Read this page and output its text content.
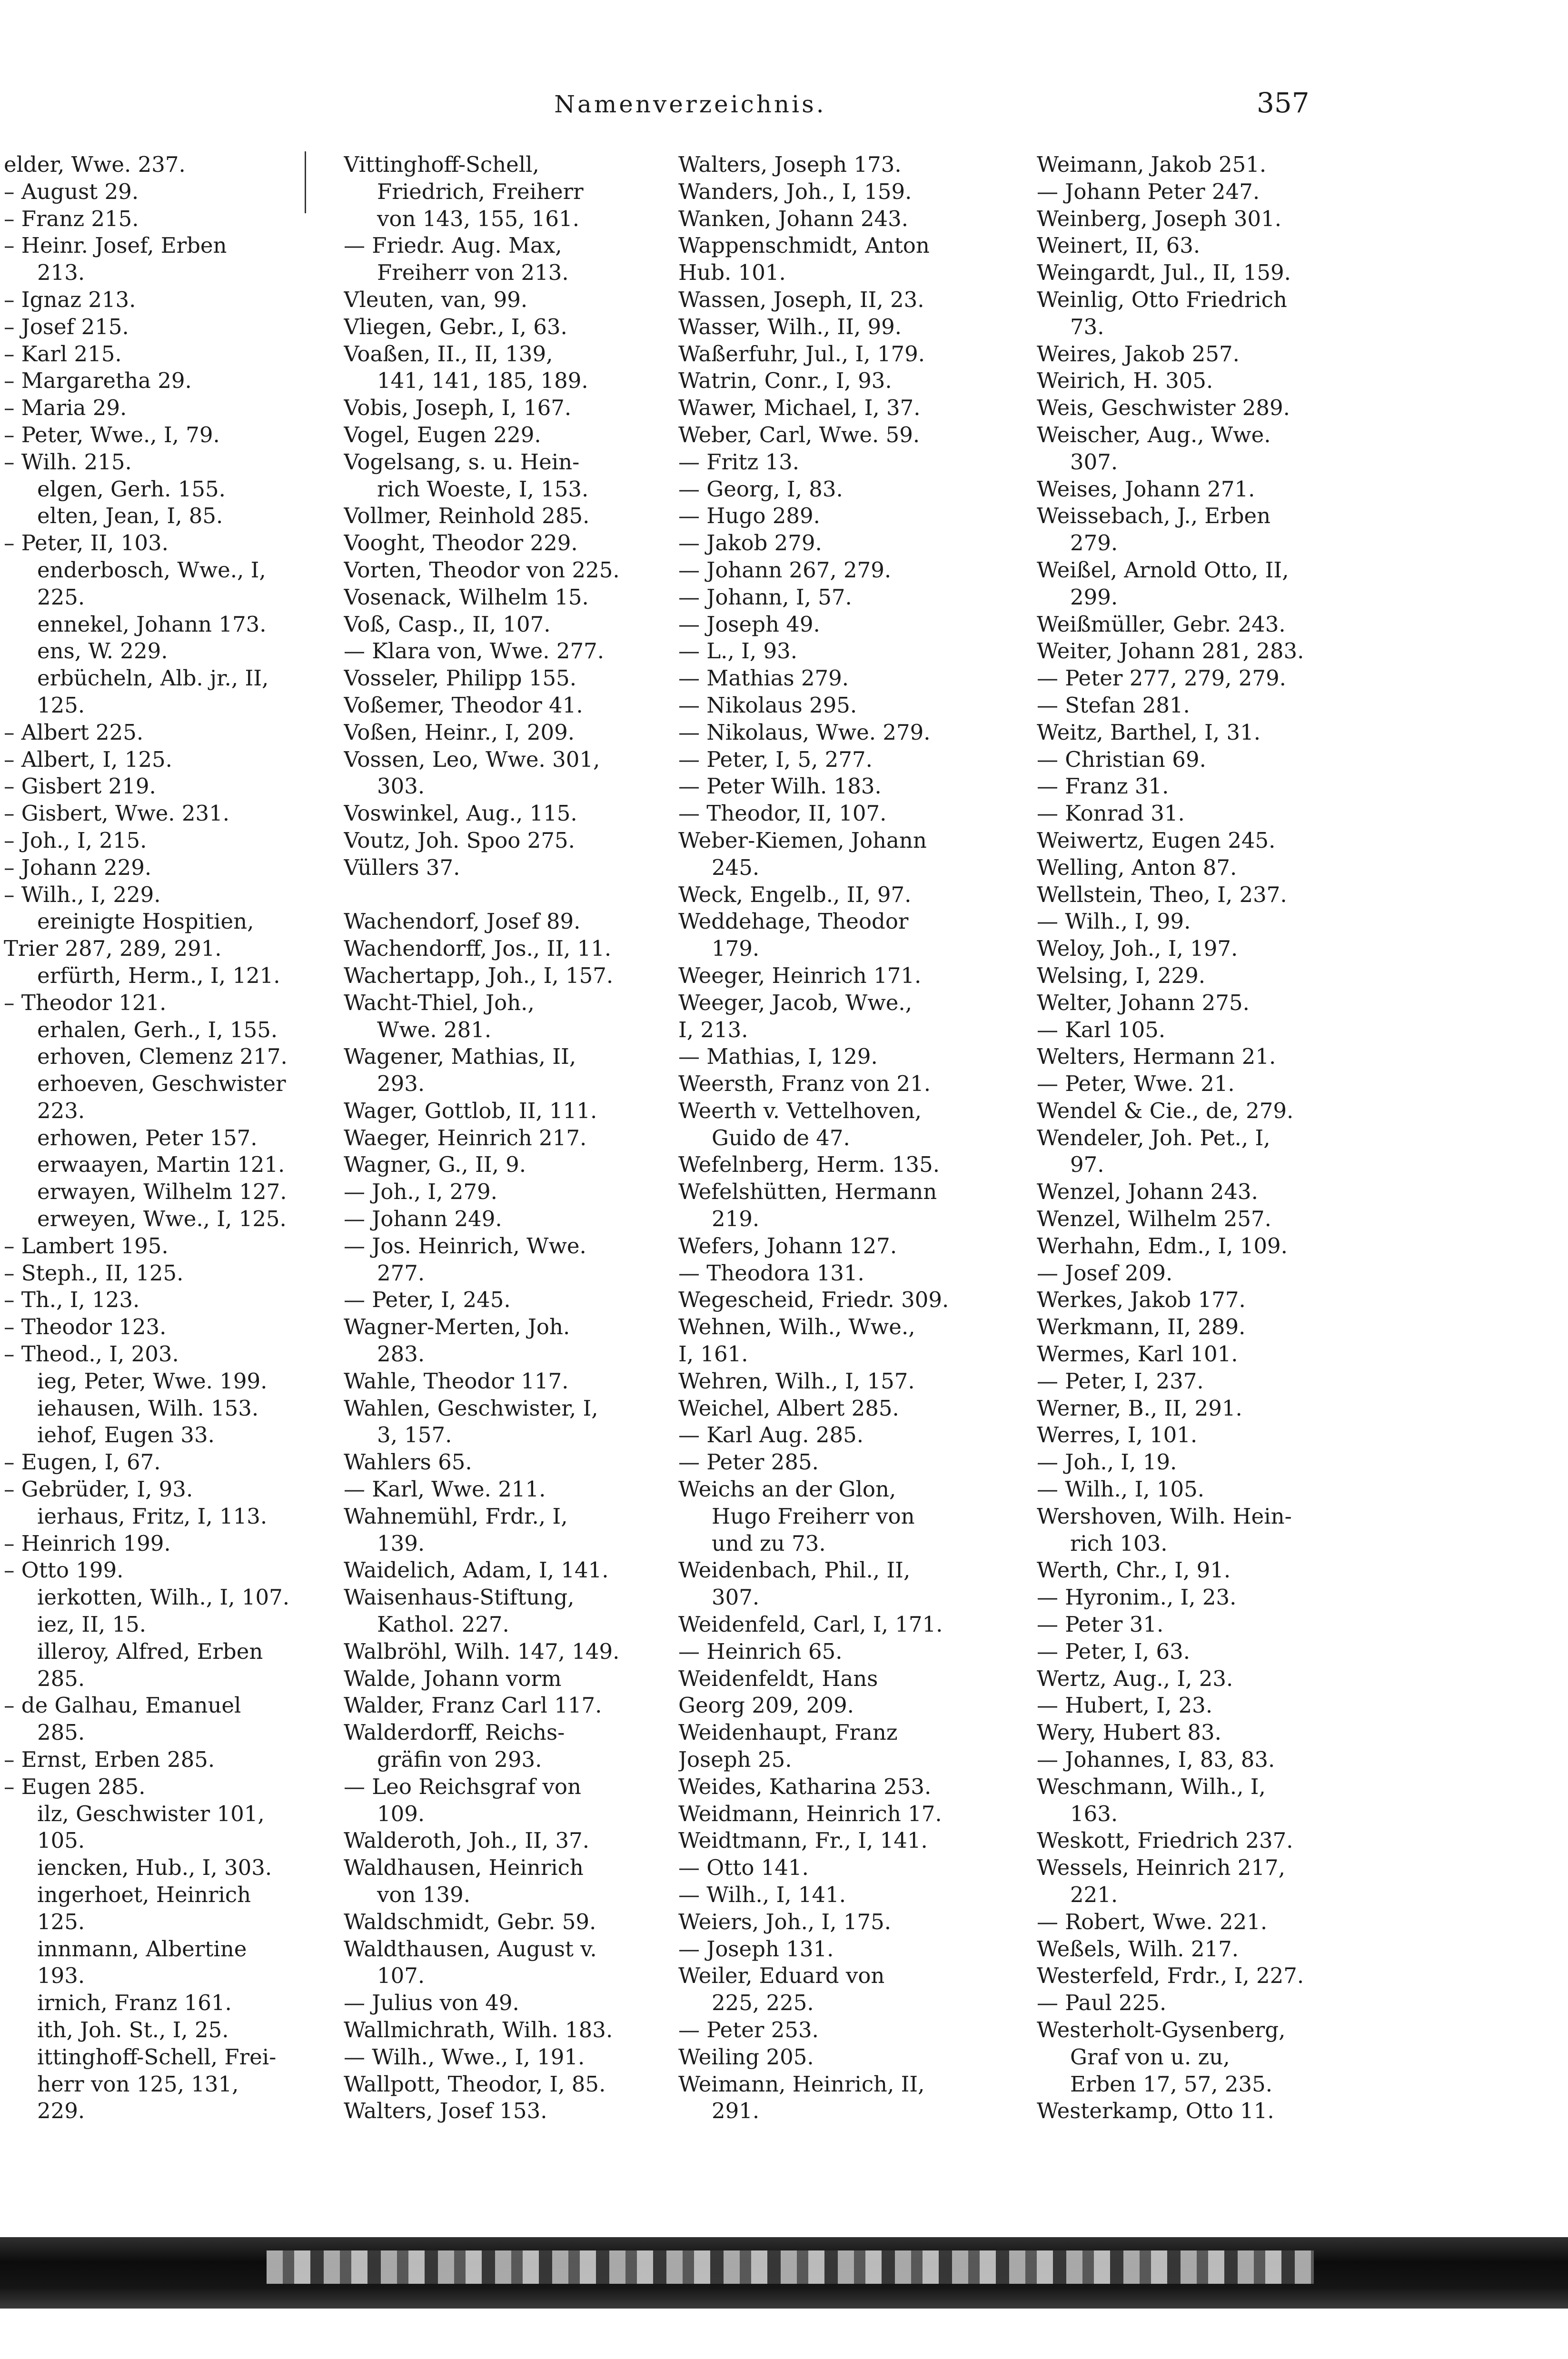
Namenverzeichnis.	357
elder, Wwe. 237.
– August 29.
– Franz 215.
– Heinr. Josef, Erben
213.
– Ignaz 213.
– Josef 215.
– Karl 215.
– Margaretha 29.
– Maria 29.
– Peter, Wwe., I, 79.
– Wilh. 215.
elgen, Gerh. 155.
elten, Jean, I, 85.
– Peter, II, 103.
enderbosch, Wwe., I,
225.
ennekel, Johann 173.
ens, W. 229.
erbücheln, Alb. jr., II,
125.
– Albert 225.
– Albert, I, 125.
– Gisbert 219.
– Gisbert, Wwe. 231.
– Joh., I, 215.
– Johann 229.
– Wilh., I, 229.
ereinigte Hospitien,
Trier 287, 289, 291.
erfürth, Herm., I, 121.
– Theodor 121.
erhalen, Gerh., I, 155.
erhoven, Clemenz 217.
erhoeven, Geschwister
223.
erhowen, Peter 157.
erwaayen, Martin 121.
erwayen, Wilhelm 127.
erweyen, Wwe., I, 125.
– Lambert 195.
– Steph., II, 125.
– Th., I, 123.
– Theodor 123.
– Theod., I, 203.
ieg, Peter, Wwe. 199.
iehausen, Wilh. 153.
iehof, Eugen 33.
– Eugen, I, 67.
– Gebrüder, I, 93.
ierhaus, Fritz, I, 113.
– Heinrich 199.
– Otto 199.
ierkotten, Wilh., I, 107.
iez, II, 15.
illeroy, Alfred, Erben
285.
– de Galhau, Emanuel
285.
– Ernst, Erben 285.
– Eugen 285.
ilz, Geschwister 101,
105.
iencken, Hub., I, 303.
ingerhoet, Heinrich
125.
innmann, Albertine
193.
irnich, Franz 161.
ith, Joh. St., I, 25.
ittinghoff-Schell, Frei-
herr von 125, 131,
229.
Vittinghoff-Schell,
Friedrich, Freiherr
von 143, 155, 161.
— Friedr. Aug. Max,
Freiherr von 213.
Vleuten, van, 99.
Vliegen, Gebr., I, 63.
Voaßen, II., II, 139,
141, 141, 185, 189.
Vobis, Joseph, I, 167.
Vogel, Eugen 229.
Vogelsang, s. u. Hein-
rich Woeste, I, 153.
Vollmer, Reinhold 285.
Vooght, Theodor 229.
Vorten, Theodor von 225.
Vosenack, Wilhelm 15.
Voß, Casp., II, 107.
— Klara von, Wwe. 277.
Vosseler, Philipp 155.
Voßemer, Theodor 41.
Voßen, Heinr., I, 209.
Vossen, Leo, Wwe. 301,
303.
Voswinkel, Aug., 115.
Voutz, Joh. Spoo 275.
Vüllers 37.
Wachendorf, Josef 89.
Wachendorff, Jos., II, 11.
Wachertapp, Joh., I, 157.
Wacht-Thiel, Joh.,
Wwe. 281.
Wagener, Mathias, II,
293.
Wager, Gottlob, II, 111.
Waeger, Heinrich 217.
Wagner, G., II, 9.
— Joh., I, 279.
— Johann 249.
— Jos. Heinrich, Wwe.
277.
— Peter, I, 245.
Wagner-Merten, Joh.
283.
Wahle, Theodor 117.
Wahlen, Geschwister, I,
3, 157.
Wahlers 65.
— Karl, Wwe. 211.
Wahnemühl, Frdr., I,
139.
Waidelich, Adam, I, 141.
Waisenhaus-Stiftung,
Kathol. 227.
Walbröhl, Wilh. 147, 149.
Walde, Johann vorm
Walder, Franz Carl 117.
Walderdorff, Reichs-
gräfin von 293.
— Leo Reichsgraf von
109.
Walderoth, Joh., II, 37.
Waldhausen, Heinrich
von 139.
Waldschmidt, Gebr. 59.
Waldthausen, August v.
107.
— Julius von 49.
Wallmichrath, Wilh. 183.
— Wilh., Wwe., I, 191.
Wallpott, Theodor, I, 85.
Walters, Josef 153.
Walters, Joseph 173.
Wanders, Joh., I, 159.
Wanken, Johann 243.
Wappenschmidt, Anton
Hub. 101.
Wassen, Joseph, II, 23.
Wasser, Wilh., II, 99.
Waßerfuhr, Jul., I, 179.
Watrin, Conr., I, 93.
Wawer, Michael, I, 37.
Weber, Carl, Wwe. 59.
— Fritz 13.
— Georg, I, 83.
— Hugo 289.
— Jakob 279.
— Johann 267, 279.
— Johann, I, 57.
— Joseph 49.
— L., I, 93.
— Mathias 279.
— Nikolaus 295.
— Nikolaus, Wwe. 279.
— Peter, I, 5, 277.
— Peter Wilh. 183.
— Theodor, II, 107.
Weber-Kiemen, Johann
245.
Weck, Engelb., II, 97.
Weddehage, Theodor
179.
Weeger, Heinrich 171.
Weeger, Jacob, Wwe.,
I, 213.
— Mathias, I, 129.
Weersth, Franz von 21.
Weerth v. Vettelhoven,
Guido de 47.
Wefelnberg, Herm. 135.
Wefelshütten, Hermann
219.
Wefers, Johann 127.
— Theodora 131.
Wegescheid, Friedr. 309.
Wehnen, Wilh., Wwe.,
I, 161.
Wehren, Wilh., I, 157.
Weichel, Albert 285.
— Karl Aug. 285.
— Peter 285.
Weichs an der Glon,
Hugo Freiherr von
und zu 73.
Weidenbach, Phil., II,
307.
Weidenfeld, Carl, I, 171.
— Heinrich 65.
Weidenfeldt, Hans
Georg 209, 209.
Weidenhaupt, Franz
Joseph 25.
Weides, Katharina 253.
Weidmann, Heinrich 17.
Weidtmann, Fr., I, 141.
— Otto 141.
— Wilh., I, 141.
Weiers, Joh., I, 175.
— Joseph 131.
Weiler, Eduard von
225, 225.
— Peter 253.
Weiling 205.
Weimann, Heinrich, II,
291.
Weimann, Jakob 251.
— Johann Peter 247.
Weinberg, Joseph 301.
Weinert, II, 63.
Weingardt, Jul., II, 159.
Weinlig, Otto Friedrich
73.
Weires, Jakob 257.
Weirich, H. 305.
Weis, Geschwister 289.
Weischer, Aug., Wwe.
307.
Weises, Johann 271.
Weissebach, J., Erben
279.
Weißel, Arnold Otto, II,
299.
Weißmüller, Gebr. 243.
Weiter, Johann 281, 283.
— Peter 277, 279, 279.
— Stefan 281.
Weitz, Barthel, I, 31.
— Christian 69.
— Franz 31.
— Konrad 31.
Weiwertz, Eugen 245.
Welling, Anton 87.
Wellstein, Theo, I, 237.
— Wilh., I, 99.
Weloy, Joh., I, 197.
Welsing, I, 229.
Welter, Johann 275.
— Karl 105.
Welters, Hermann 21.
— Peter, Wwe. 21.
Wendel & Cie., de, 279.
Wendeler, Joh. Pet., I,
97.
Wenzel, Johann 243.
Wenzel, Wilhelm 257.
Werhahn, Edm., I, 109.
— Josef 209.
Werkes, Jakob 177.
Werkmann, II, 289.
Wermes, Karl 101.
— Peter, I, 237.
Werner, B., II, 291.
Werres, I, 101.
— Joh., I, 19.
— Wilh., I, 105.
Wershoven, Wilh. Hein-
rich 103.
Werth, Chr., I, 91.
— Hyronim., I, 23.
— Peter 31.
— Peter, I, 63.
Wertz, Aug., I, 23.
— Hubert, I, 23.
Wery, Hubert 83.
— Johannes, I, 83, 83.
Weschmann, Wilh., I,
163.
Weskott, Friedrich 237.
Wessels, Heinrich 217,
221.
— Robert, Wwe. 221.
Weßels, Wilh. 217.
Westerfeld, Frdr., I, 227.
— Paul 225.
Westerholt-Gysenberg,
Graf von u. zu,
Erben 17, 57, 235.
Westerkamp, Otto 11.
